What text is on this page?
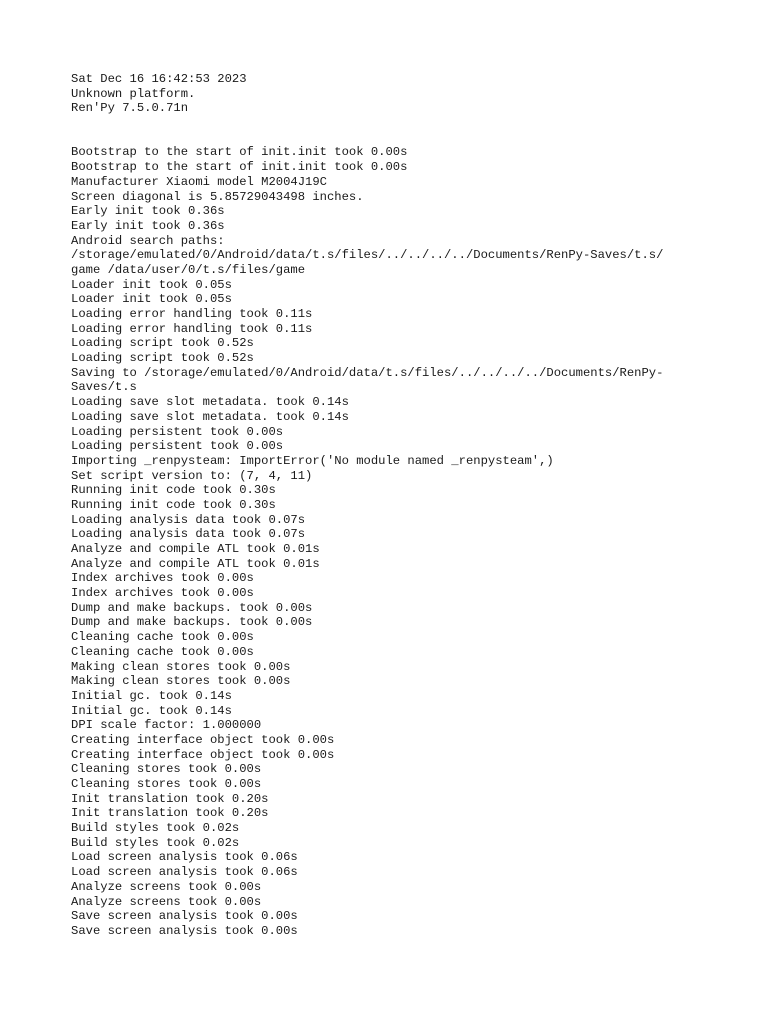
Sat Dec 16 16:42:53 2023
Unknown platform.
Ren'Py 7.5.0.71n
Bootstrap to the start of init.init took 0.00s
Bootstrap to the start of init.init took 0.00s
Manufacturer Xiaomi model M2004J19C
Screen diagonal is 5.85729043498 inches.
Early init took 0.36s
Early init took 0.36s
Android search paths:
/storage/emulated/0/Android/data/t.s/files/../../../../Documents/RenPy-Saves/t.s/
game /data/user/0/t.s/files/game
Loader init took 0.05s
Loader init took 0.05s
Loading error handling took 0.11s
Loading error handling took 0.11s
Loading script took 0.52s
Loading script took 0.52s
Saving to /storage/emulated/0/Android/data/t.s/files/../../../../Documents/RenPy-
Saves/t.s
Loading save slot metadata. took 0.14s
Loading save slot metadata. took 0.14s
Loading persistent took 0.00s
Loading persistent took 0.00s
Importing _renpysteam: ImportError('No module named _renpysteam',)
Set script version to: (7, 4, 11)
Running init code took 0.30s
Running init code took 0.30s
Loading analysis data took 0.07s
Loading analysis data took 0.07s
Analyze and compile ATL took 0.01s
Analyze and compile ATL took 0.01s
Index archives took 0.00s
Index archives took 0.00s
Dump and make backups. took 0.00s
Dump and make backups. took 0.00s
Cleaning cache took 0.00s
Cleaning cache took 0.00s
Making clean stores took 0.00s
Making clean stores took 0.00s
Initial gc. took 0.14s
Initial gc. took 0.14s
DPI scale factor: 1.000000
Creating interface object took 0.00s
Creating interface object took 0.00s
Cleaning stores took 0.00s
Cleaning stores took 0.00s
Init translation took 0.20s
Init translation took 0.20s
Build styles took 0.02s
Build styles took 0.02s
Load screen analysis took 0.06s
Load screen analysis took 0.06s
Analyze screens took 0.00s
Analyze screens took 0.00s
Save screen analysis took 0.00s
Save screen analysis took 0.00s
